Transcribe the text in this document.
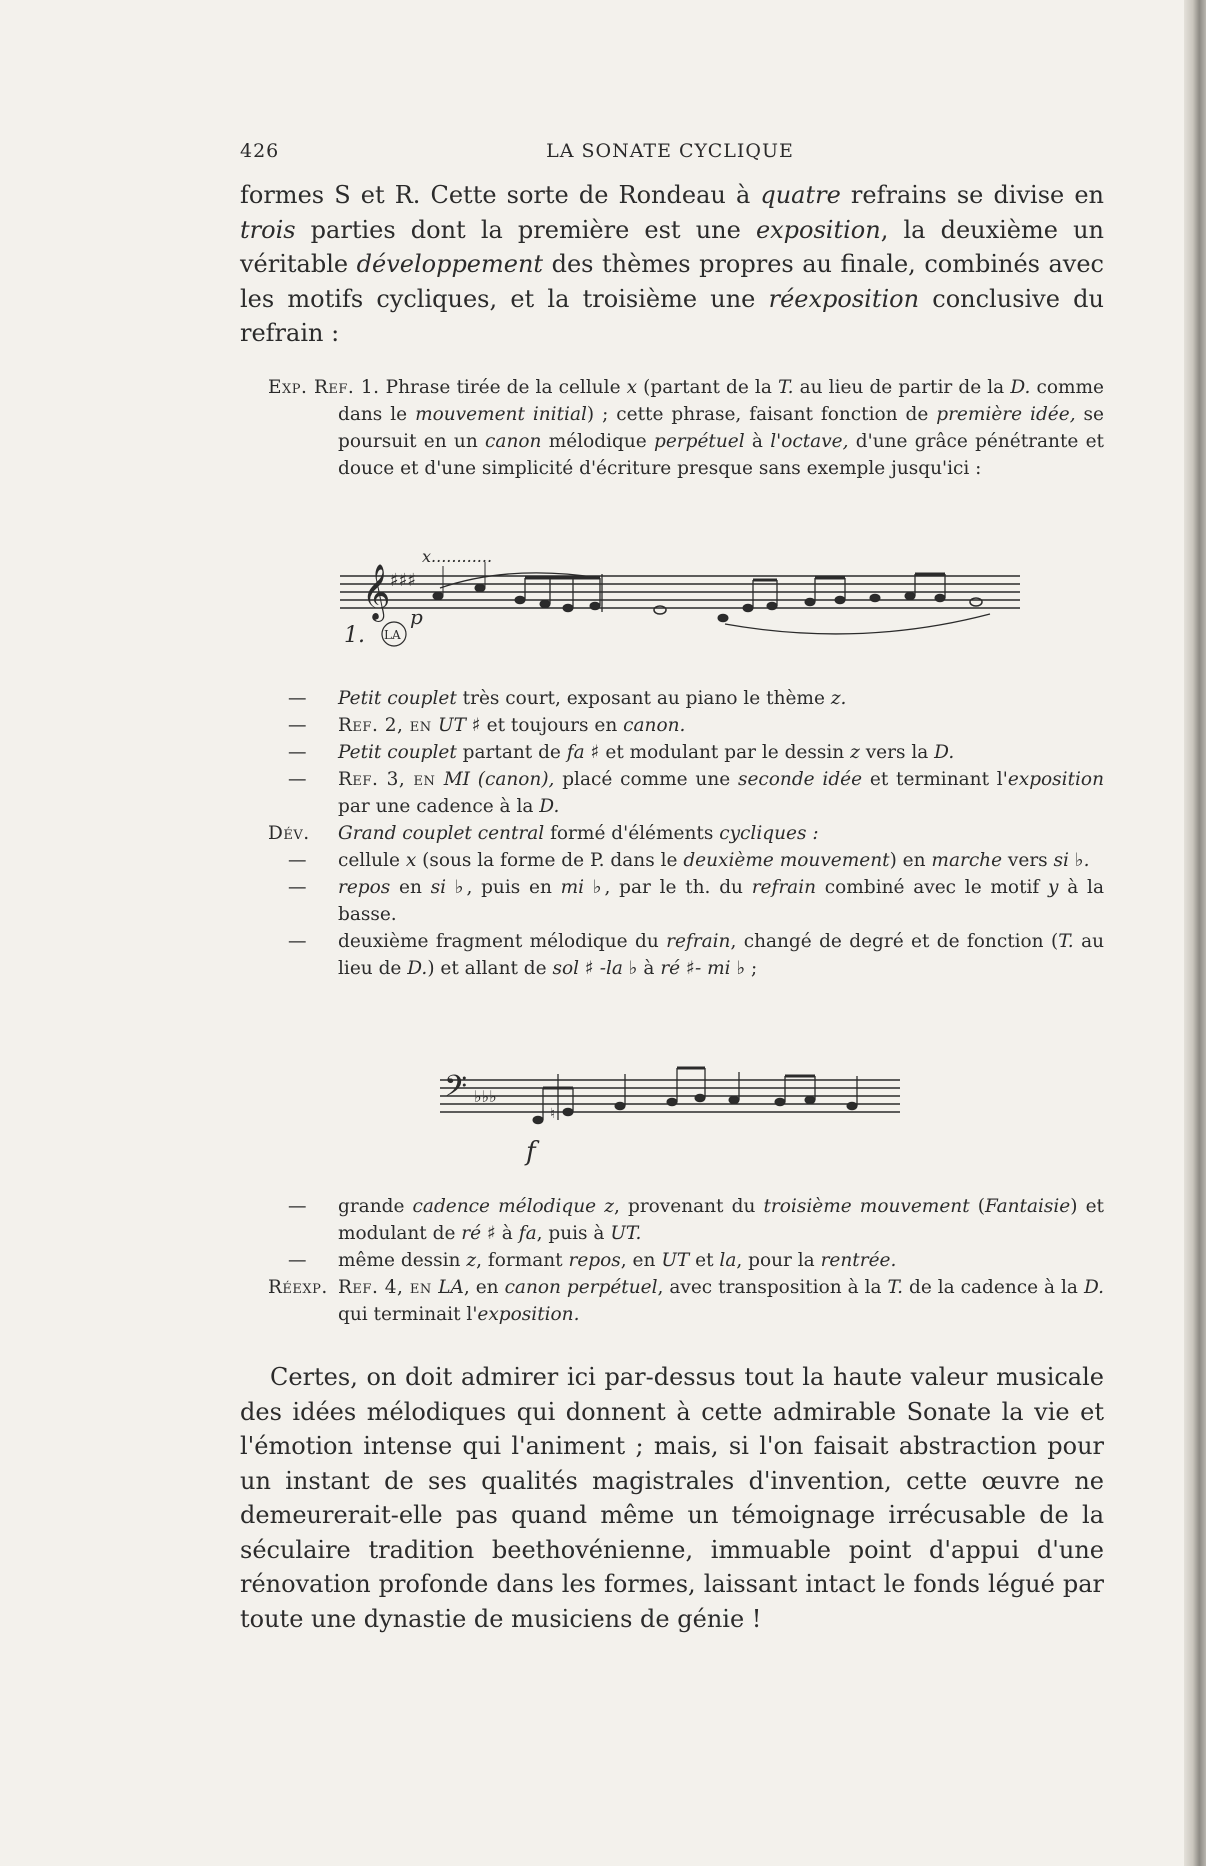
426	LA SONATE CYCLIQUE

formes S et R. Cette sorte de Rondeau à quatre refrains se divise en trois parties dont la première est une exposition, la deuxième un véritable développement des thèmes propres au finale, combinés avec les motifs cycliques, et la troisième une réexposition conclusive du refrain :

Exp. Ref. 1. Phrase tirée de la cellule x (partant de la T. au lieu de partir de la D. comme dans le mouvement initial) ; cette phrase, faisant fonction de première idée, se poursuit en un canon mélodique perpétuel à l'octave, d'une grâce pénétrante et douce et d'une simplicité d'écriture presque sans exemple jusqu'ici :
x............
𝄞 ♯♯♯
1. LA
p
—	Petit couplet très court, exposant au piano le thème z.
—	Ref. 2, en UT ♯ et toujours en canon.
—	Petit couplet partant de fa ♯ et modulant par le dessin z vers la D.
—	Ref. 3, en MI (canon), placé comme une seconde idée et terminant l'exposition par une cadence à la D.
Dév.	Grand couplet central formé d'éléments cycliques :
—	cellule x (sous la forme de P. dans le deuxième mouvement) en marche vers si ♭.
—	repos en si ♭, puis en mi ♭, par le th. du refrain combiné avec le motif y à la basse.
—	deuxième fragment mélodique du refrain, changé de degré et de fonction (T. au lieu de D.) et allant de sol ♯ -la ♭ à ré ♯- mi ♭ ;
𝄢 ♭♭♭
♮
f
—	grande cadence mélodique z, provenant du troisième mouvement (Fantaisie) et modulant de ré ♯ à fa, puis à UT.
—	même dessin z, formant repos, en UT et la, pour la rentrée.
Réexp. Ref. 4, en LA, en canon perpétuel, avec transposition à la T. de la cadence à la D. qui terminait l'exposition.

Certes, on doit admirer ici par-dessus tout la haute valeur musicale des idées mélodiques qui donnent à cette admirable Sonate la vie et l'émotion intense qui l'animent ; mais, si l'on faisait abstraction pour un instant de ses qualités magistrales d'invention, cette œuvre ne demeurerait-elle pas quand même un témoignage irrécusable de la séculaire tradition beethovénienne, immuable point d'appui d'une rénovation profonde dans les formes, laissant intact le fonds légué par toute une dynastie de musiciens de génie !
